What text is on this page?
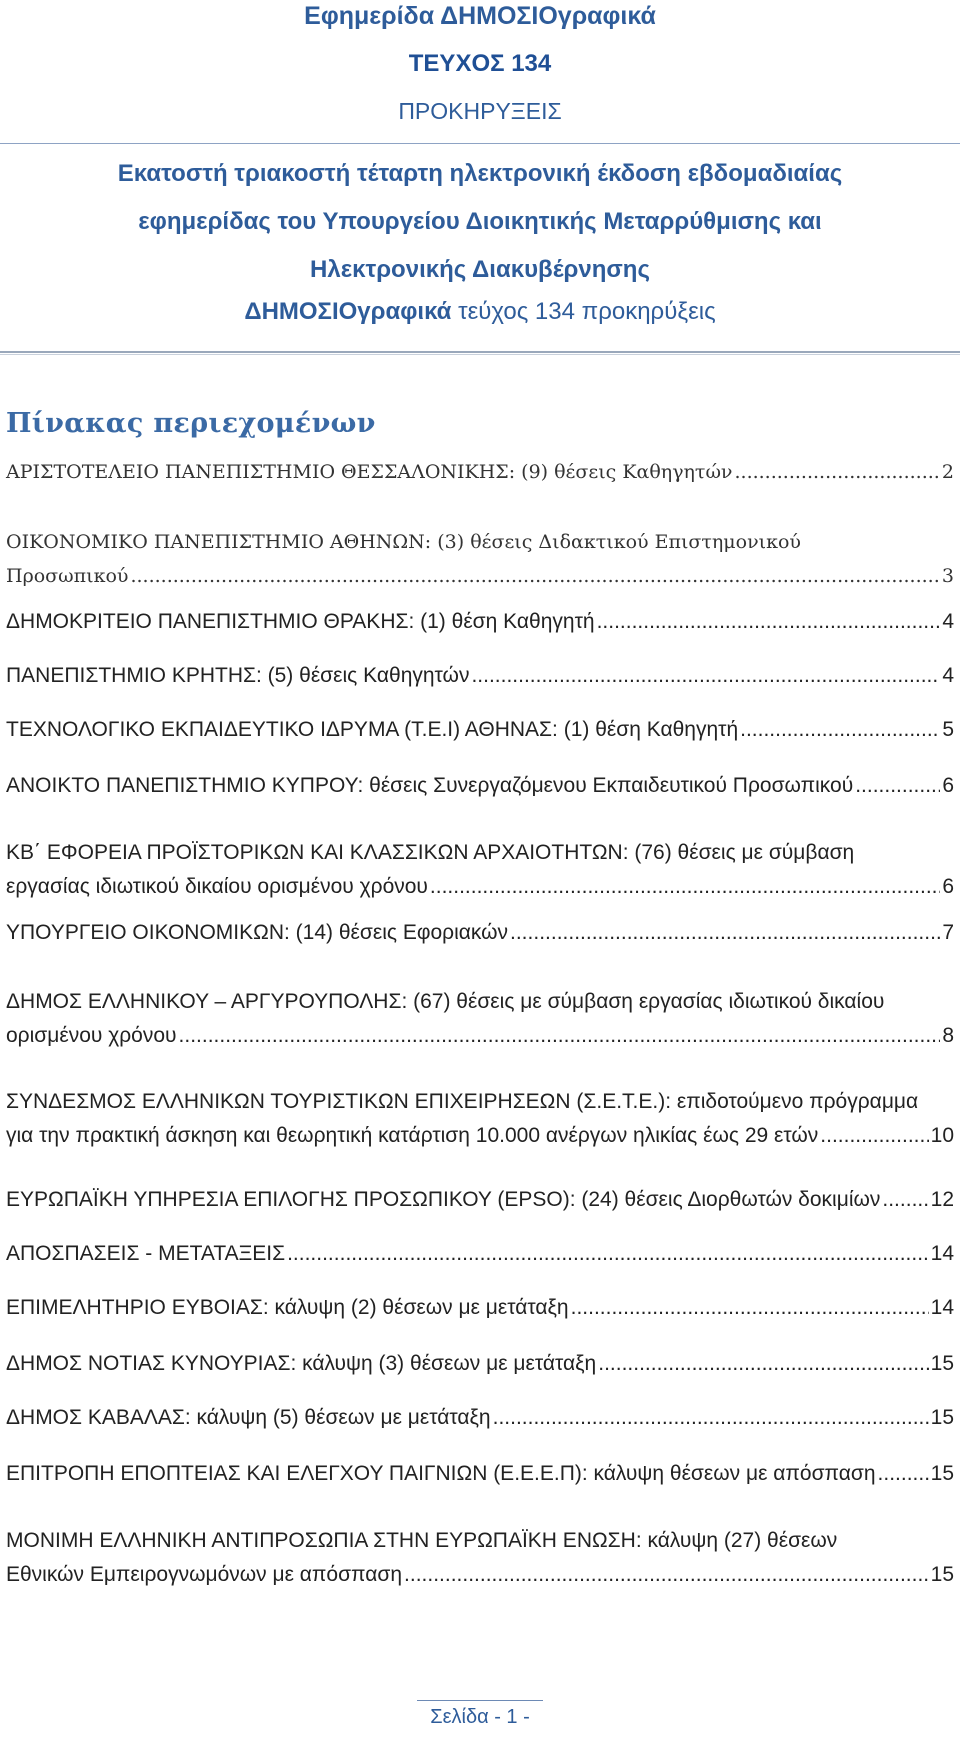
Εφημερίδα ΔΗΜΟΣΙΟγραφικά
ΤΕΥΧΟΣ 134
ΠΡΟΚΗΡΥΞΕΙΣ
Εκατοστή τριακοστή τέταρτη ηλεκτρονική έκδοση εβδομαδιαίας
εφημερίδας του Υπουργείου Διοικητικής Μεταρρύθμισης και
Ηλεκτρονικής Διακυβέρνησης
ΔΗΜΟΣΙΟγραφικά τεύχος 134 προκηρύξεις
Πίνακας περιεχομένων
ΑΡΙΣΤΟΤΕΛΕΙΟ ΠΑΝΕΠΙΣΤΗΜΙΟ ΘΕΣΣΑΛΟΝΙΚΗΣ: (9) θέσεις Καθηγητών .....	2
ΟΙΚΟΝΟΜΙΚΟ ΠΑΝΕΠΙΣΤΗΜΙΟ ΑΘΗΝΩΝ: (3) θέσεις Διδακτικού Επιστημονικού
Προσωπικού .....	3
ΔΗΜΟΚΡΙΤΕΙΟ ΠΑΝΕΠΙΣΤΗΜΙΟ ΘΡΑΚΗΣ: (1) θέση Καθηγητή .....	4
ΠΑΝΕΠΙΣΤΗΜΙΟ ΚΡΗΤΗΣ: (5) θέσεις Καθηγητών .....	4
ΤΕΧΝΟΛΟΓΙΚΟ ΕΚΠΑΙΔΕΥΤΙΚΟ ΙΔΡΥΜΑ (Τ.Ε.Ι) ΑΘΗΝΑΣ: (1) θέση Καθηγητή .....	5
ΑΝΟΙΚΤΟ ΠΑΝΕΠΙΣΤΗΜΙΟ ΚΥΠΡΟΥ: θέσεις Συνεργαζόμενου Εκπαιδευτικού Προσωπικού .....	6
ΚΒ΄ ΕΦΟΡΕΙΑ ΠΡΟΪΣΤΟΡΙΚΩΝ ΚΑΙ ΚΛΑΣΣΙΚΩΝ ΑΡΧΑΙΟΤΗΤΩΝ: (76) θέσεις με σύμβαση
εργασίας ιδιωτικού δικαίου ορισμένου χρόνου .....	6
ΥΠΟΥΡΓΕΙΟ ΟΙΚΟΝΟΜΙΚΩΝ: (14) θέσεις Εφοριακών .....	7
ΔΗΜΟΣ ΕΛΛΗΝΙΚΟΥ – ΑΡΓΥΡΟΥΠΟΛΗΣ: (67) θέσεις με σύμβαση εργασίας ιδιωτικού δικαίου
ορισμένου χρόνου .....	8
ΣΥΝΔΕΣΜΟΣ ΕΛΛΗΝΙΚΩΝ ΤΟΥΡΙΣΤΙΚΩΝ ΕΠΙΧΕΙΡΗΣΕΩΝ (Σ.Ε.Τ.Ε.): επιδοτούμενο πρόγραμμα
για την πρακτική άσκηση και θεωρητική κατάρτιση 10.000 ανέργων ηλικίας έως 29 ετών .....	10
ΕΥΡΩΠΑΪΚΗ ΥΠΗΡΕΣΙΑ ΕΠΙΛΟΓΗΣ ΠΡΟΣΩΠΙΚΟΥ (EPSO): (24) θέσεις Διορθωτών δοκιμίων ..... 12
ΑΠΟΣΠΑΣΕΙΣ - ΜΕΤΑΤΑΞΕΙΣ .....	14
ΕΠΙΜΕΛΗΤΗΡΙΟ ΕΥΒΟΙΑΣ: κάλυψη (2) θέσεων με μετάταξη .....	14
ΔΗΜΟΣ ΝΟΤΙΑΣ ΚΥΝΟΥΡΙΑΣ: κάλυψη (3) θέσεων με μετάταξη .....	15
ΔΗΜΟΣ ΚΑΒΑΛΑΣ: κάλυψη (5) θέσεων με μετάταξη .....	15
ΕΠΙΤΡΟΠΗ ΕΠΟΠΤΕΙΑΣ ΚΑΙ ΕΛΕΓΧΟΥ ΠΑΙΓΝΙΩΝ (Ε.Ε.Ε.Π): κάλυψη θέσεων με απόσπαση .....	15
ΜΟΝΙΜΗ ΕΛΛΗΝΙΚΗ ΑΝΤΙΠΡΟΣΩΠΙΑ ΣΤΗΝ ΕΥΡΩΠΑΪΚΗ ΕΝΩΣΗ: κάλυψη (27) θέσεων
Εθνικών Εμπειρογνωμόνων με απόσπαση .....	15
Σελίδα - 1 -
